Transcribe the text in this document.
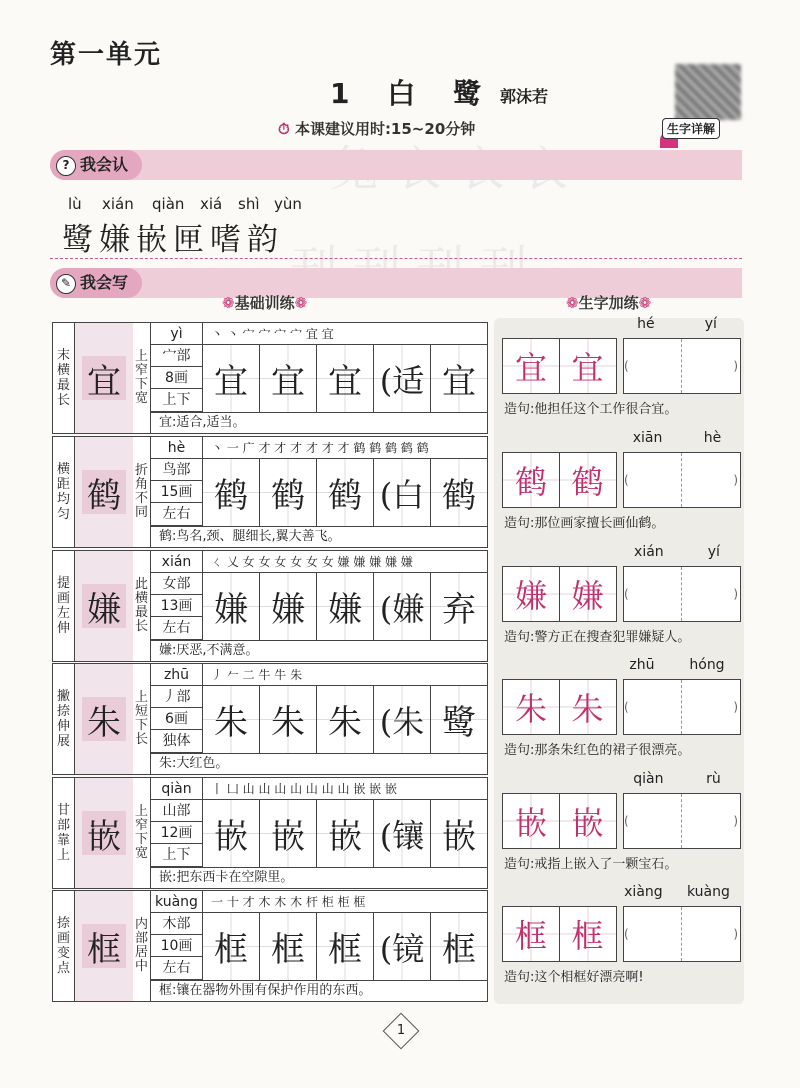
第一单元
生字详解
1 白 鹭 郭沫若
⏱ 本课建议用时:15~20分钟
? 我会认
lù xián qiàn xiá shì yùn
鹭嫌嵌匣嗜韵
✎ 我会写
❁基础训练❁	❁生字加练❁
末横最长 宜
上窄下宽
yì
宀部
8画
上下
丶 丶 宀 宀 宀 宀 宜 宜
宜 宜 宜 (适 宜
宜:适合,适当。
hé	yí
宜 宜	(	)
造句:他担任这个工作很合宜。
横距均匀 鹤
折角不同
hè
鸟部
15画
左右
丶 一 广 才 才 才 才 才 才 鹤 鹤 鹤 鹤 鹤
鹤 鹤 鹤 (白 鹤
鹤:鸟名,颈、腿细长,翼大善飞。
xiān	hè
鹤 鹤	(	)
造句:那位画家擅长画仙鹤。
提画左伸 嫌
此横最长
xián
女部
13画
左右
ㄑ 乂 女 女 女 女 女 女 嫌 嫌 嫌 嫌 嫌
嫌 嫌 嫌 (嫌 弃
嫌:厌恶,不满意。
xián	yí
嫌 嫌	(	)
造句:警方正在搜查犯罪嫌疑人。
撇捺伸展 朱
上短下长
zhū
丿部
6画
独体
丿 𠂉 二 牛 牛 朱
朱 朱 朱 (朱 鹭
朱:大红色。
zhū hóng
朱 朱	(	)
造句:那条朱红色的裙子很漂亮。
甘部靠上 嵌
上窄下宽
qiàn
山部
12画
上下
丨 凵 山 山 山 山 山 山 山 嵌 嵌 嵌
嵌 嵌 嵌 (镶 嵌
嵌:把东西卡在空隙里。
qiàn	rù
嵌 嵌	(	)
造句:戒指上嵌入了一颗宝石。
捺画变点 框
内部居中
kuàng
木部
10画
左右
一 十 才 木 木 木 杆 柜 柜 框
框 框 框 (镜 框
框:镶在器物外围有保护作用的东西。
xiàng kuàng
框 框	(	)
造句:这个相框好漂亮啊!
1
